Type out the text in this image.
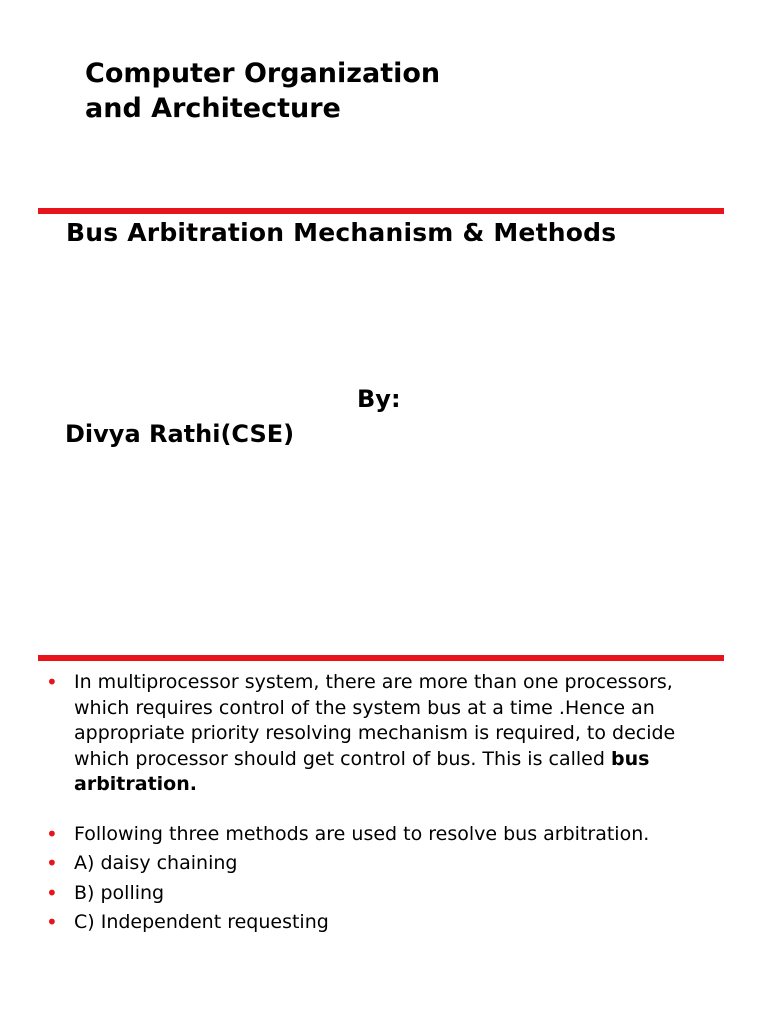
Computer Organization
and Architecture
Bus Arbitration Mechanism & Methods
By:
Divya Rathi(CSE)
• In multiprocessor system, there are more than one processors,
which requires control of the system bus at a time .Hence an
appropriate priority resolving mechanism is required, to decide
which processor should get control of bus. This is called bus
arbitration.
• Following three methods are used to resolve bus arbitration.
• A) daisy chaining
• B) polling
• C) Independent requesting
